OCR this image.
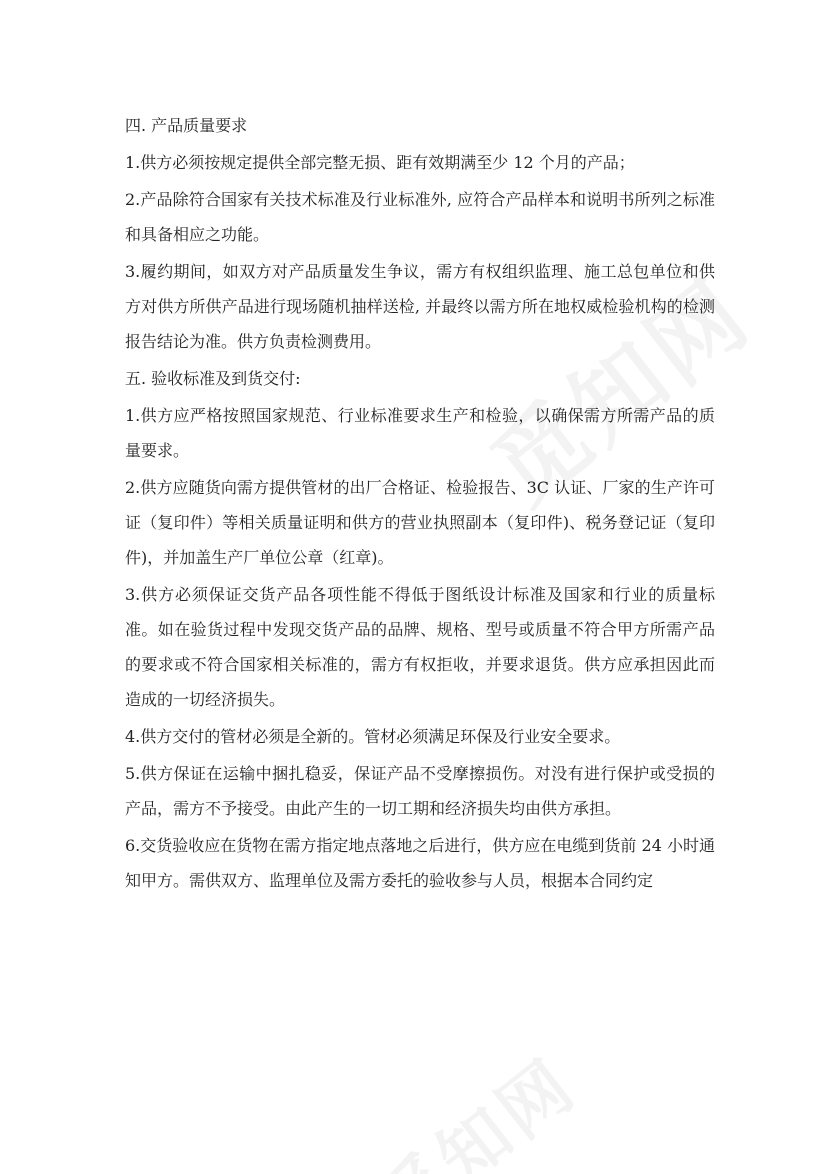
四. 产品质量要求

1.供方必须按规定提供全部完整无损、距有效期满至少 12 个月的产品；

2.产品除符合国家有关技术标准及行业标准外, 应符合产品样本和说明书所列之标准和具备相应之功能。

3.履约期间，如双方对产品质量发生争议，需方有权组织监理、施工总包单位和供方对供方所供产品进行现场随机抽样送检, 并最终以需方所在地权威检验机构的检测报告结论为准。供方负责检测费用。

五. 验收标准及到货交付:

1.供方应严格按照国家规范、行业标准要求生产和检验，以确保需方所需产品的质量要求。

2.供方应随货向需方提供管材的出厂合格证、检验报告、3C 认证、厂家的生产许可证（复印件）等相关质量证明和供方的营业执照副本（复印件)、税务登记证（复印件)，并加盖生产厂单位公章（红章)。

3.供方必须保证交货产品各项性能不得低于图纸设计标准及国家和行业的质量标准。如在验货过程中发现交货产品的品牌、规格、型号或质量不符合甲方所需产品的要求或不符合国家相关标准的，需方有权拒收，并要求退货。供方应承担因此而造成的一切经济损失。

4.供方交付的管材必须是全新的。管材必须满足环保及行业安全要求。

5.供方保证在运输中捆扎稳妥，保证产品不受摩擦损伤。对没有进行保护或受损的产品，需方不予接受。由此产生的一切工期和经济损失均由供方承担。

6.交货验收应在货物在需方指定地点落地之后进行，供方应在电缆到货前 24 小时通知甲方。需供双方、监理单位及需方委托的验收参与人员，根据本合同约定
